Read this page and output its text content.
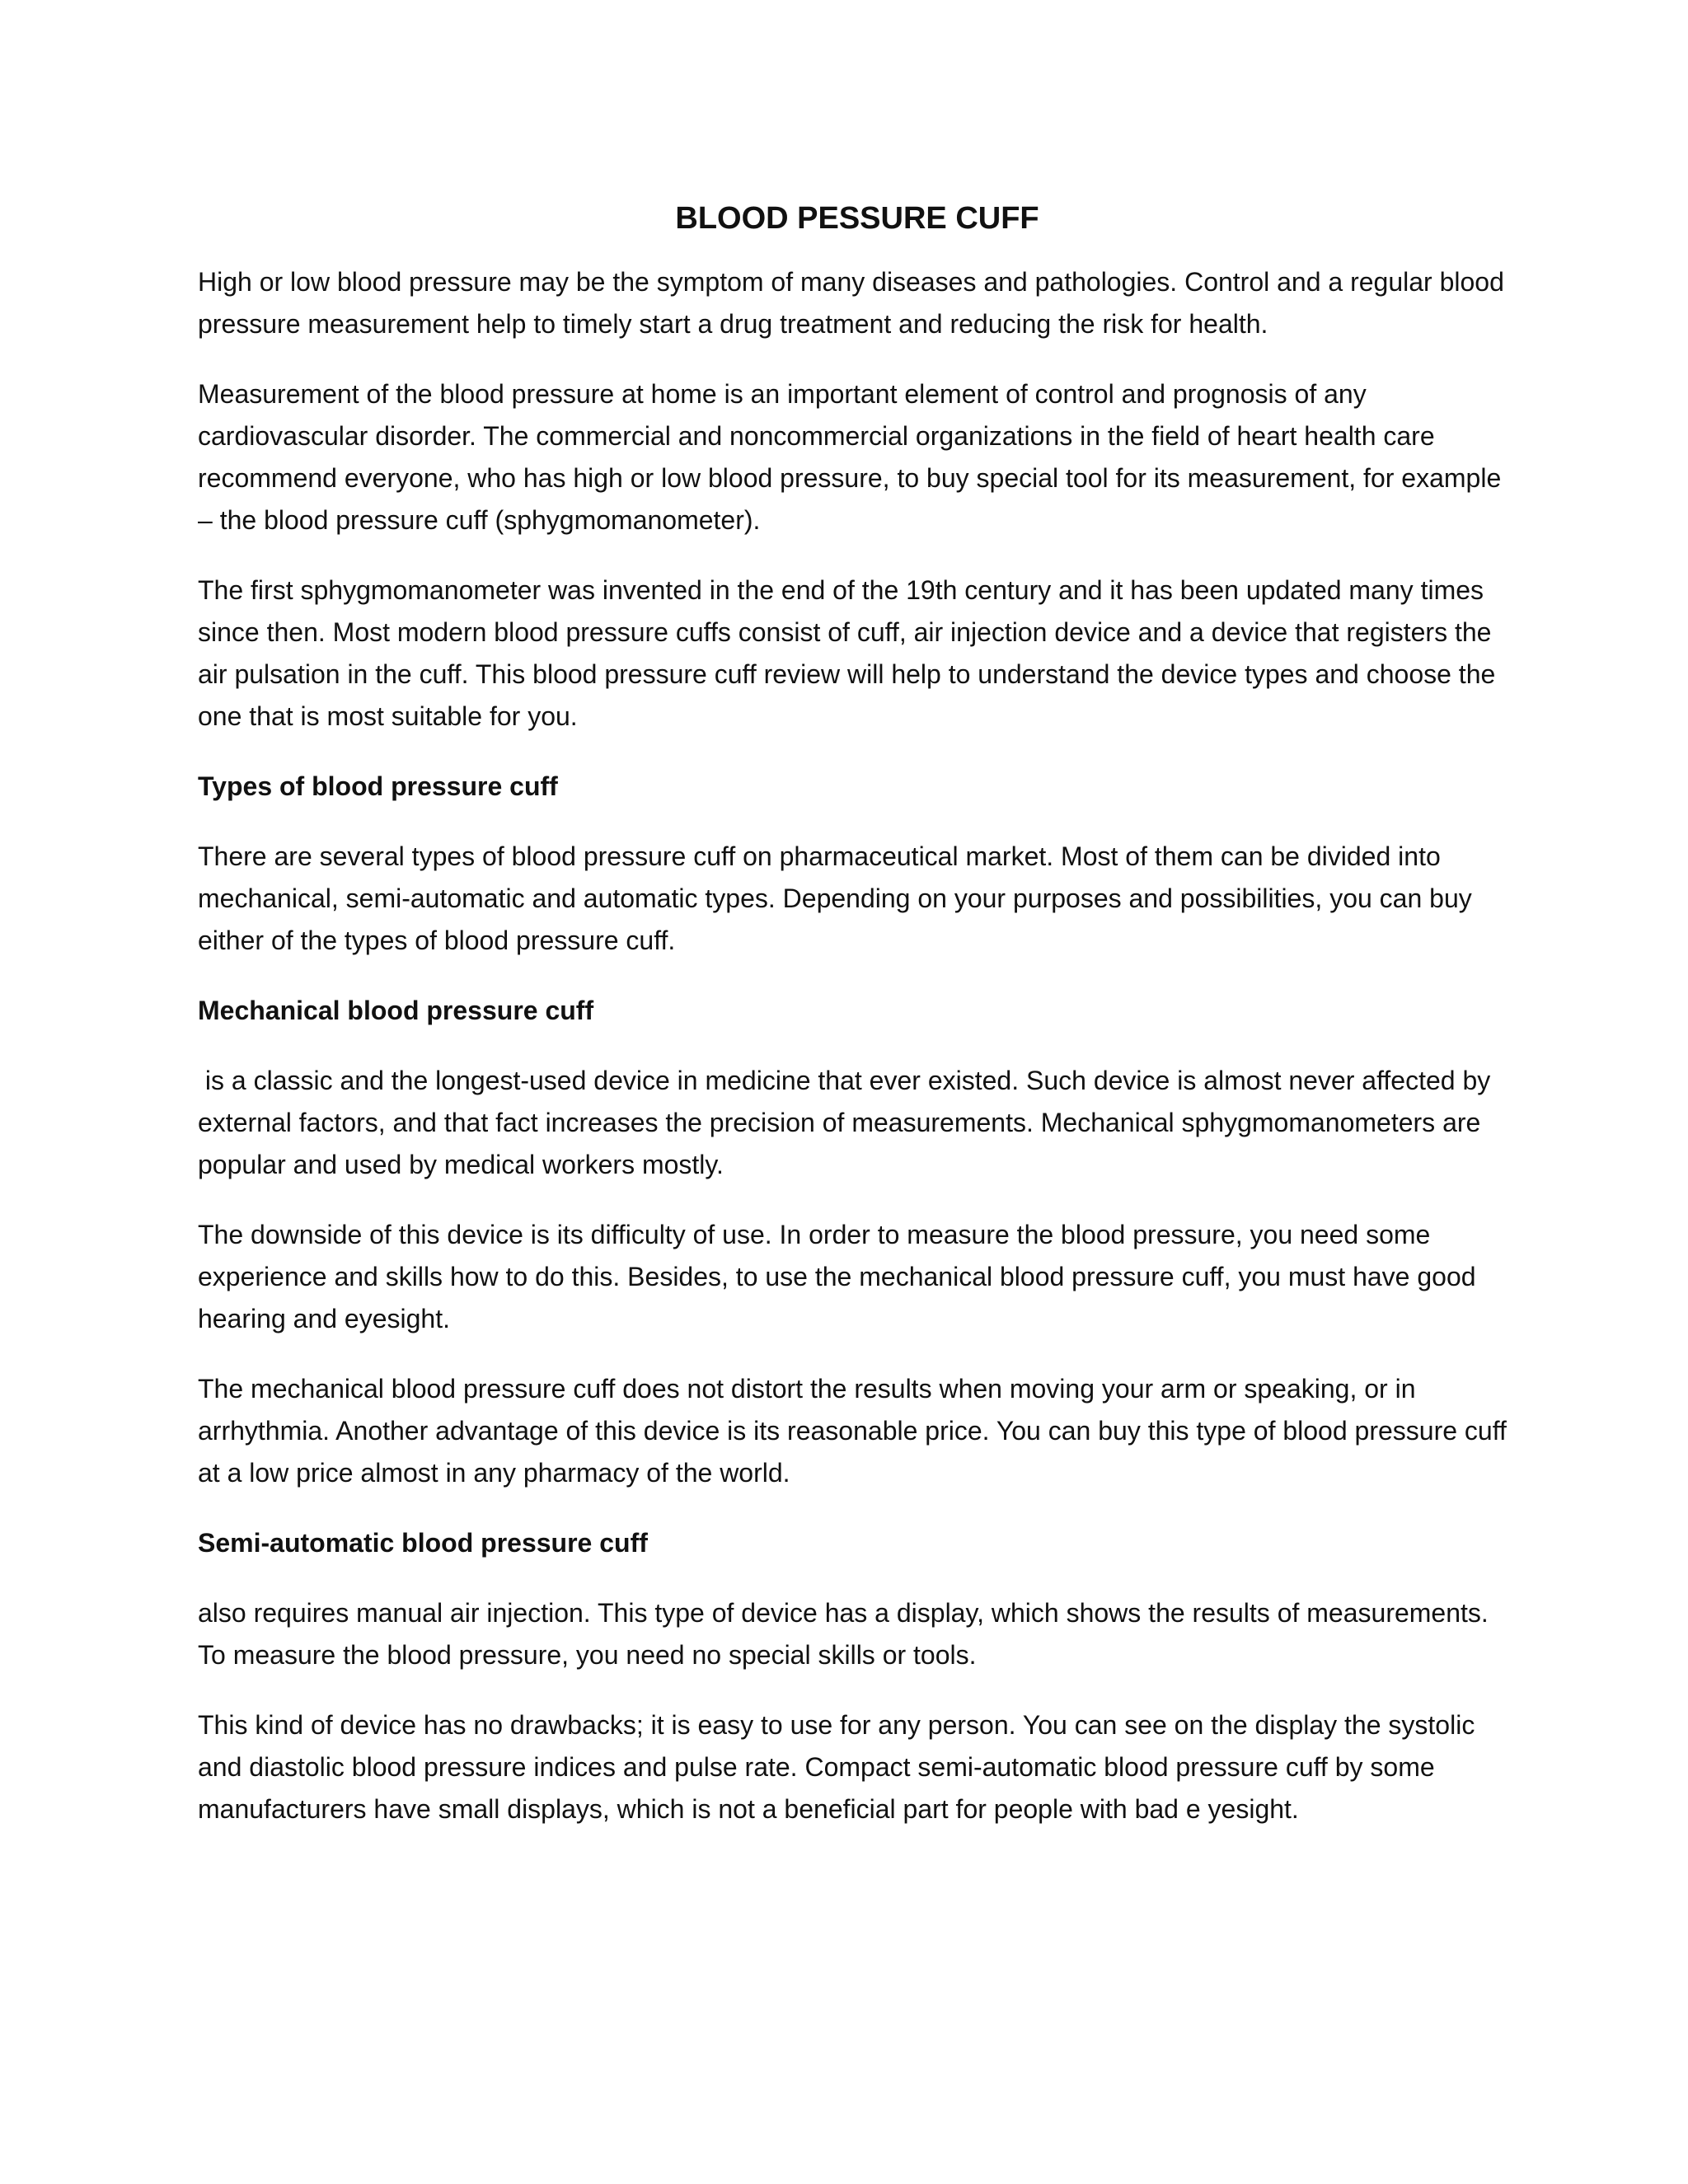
BLOOD PESSURE CUFF

High or low blood pressure may be the symptom of many diseases and pathologies. Control and a regular blood pressure measurement help to timely start a drug treatment and reducing the risk for health.

Measurement of the blood pressure at home is an important element of control and prognosis of any cardiovascular disorder. The commercial and noncommercial organizations in the field of heart health care recommend everyone, who has high or low blood pressure, to buy special tool for its measurement, for example – the blood pressure cuff (sphygmomanometer).

The first sphygmomanometer was invented in the end of the 19th century and it has been updated many times since then. Most modern blood pressure cuffs consist of cuff, air injection device and a device that registers the air pulsation in the cuff. This blood pressure cuff review will help to understand the device types and choose the one that is most suitable for you.

Types of blood pressure cuff

There are several types of blood pressure cuff on pharmaceutical market. Most of them can be divided into mechanical, semi-automatic and automatic types. Depending on your purposes and possibilities, you can buy either of the types of blood pressure cuff.

Mechanical blood pressure cuff

is a classic and the longest-used device in medicine that ever existed. Such device is almost never affected by external factors, and that fact increases the precision of measurements. Mechanical sphygmomanometers are popular and used by medical workers mostly.

The downside of this device is its difficulty of use. In order to measure the blood pressure, you need some experience and skills how to do this. Besides, to use the mechanical blood pressure cuff, you must have good hearing and eyesight.

The mechanical blood pressure cuff does not distort the results when moving your arm or speaking, or in arrhythmia. Another advantage of this device is its reasonable price. You can buy this type of blood pressure cuff at a low price almost in any pharmacy of the world.

Semi-automatic blood pressure cuff

also requires manual air injection. This type of device has a display, which shows the results of measurements. To measure the blood pressure, you need no special skills or tools.

This kind of device has no drawbacks; it is easy to use for any person. You can see on the display the systolic and diastolic blood pressure indices and pulse rate. Compact semi-automatic blood pressure cuff by some manufacturers have small displays, which is not a beneficial part for people with bad e yesight.
